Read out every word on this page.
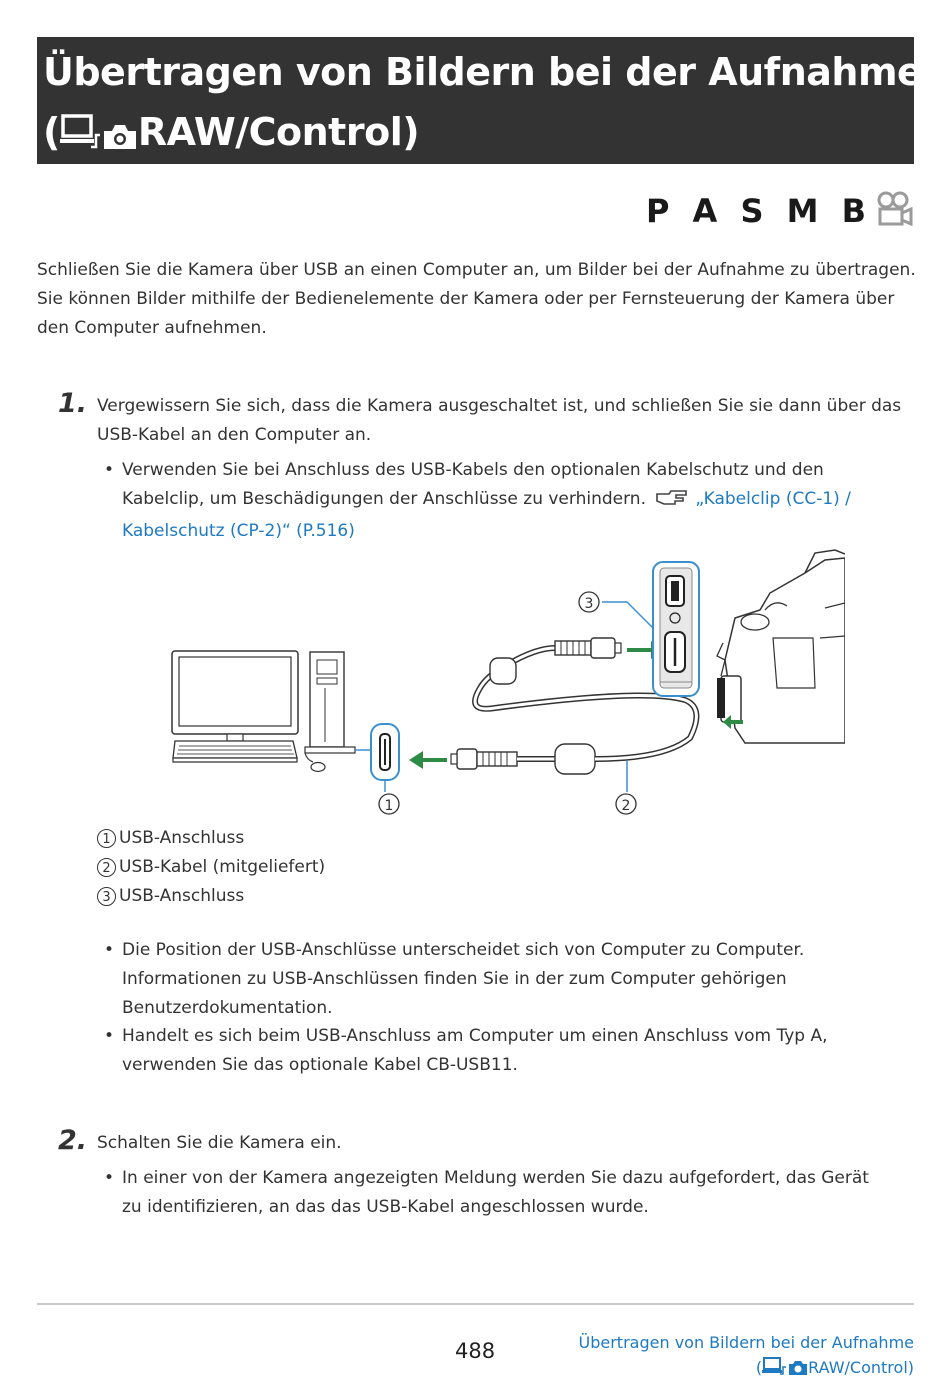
Übertragen von Bildern bei der Aufnahme
( RAW/Control)
P A S M B
Schließen Sie die Kamera über USB an einen Computer an, um Bilder bei der Aufnahme zu übertragen. Sie können Bilder mithilfe der Bedienelemente der Kamera oder per Fernsteuerung der Kamera über den Computer aufnehmen.
1. Vergewissern Sie sich, dass die Kamera ausgeschaltet ist, und schließen Sie sie dann über das USB-Kabel an den Computer an.
• Verwenden Sie bei Anschluss des USB-Kabels den optionalen Kabelschutz und den Kabelclip, um Beschädigungen der Anschlüsse zu verhindern.	„Kabelclip (CC-1) / Kabelschutz (CP-2)“ (P.516)
1	2
3
1 USB-Anschluss
2 USB-Kabel (mitgeliefert)
3 USB-Anschluss
• Die Position der USB-Anschlüsse unterscheidet sich von Computer zu Computer. Informationen zu USB-Anschlüssen finden Sie in der zum Computer gehörigen Benutzerdokumentation.
• Handelt es sich beim USB-Anschluss am Computer um einen Anschluss vom Typ A, verwenden Sie das optionale Kabel CB-USB11.
2. Schalten Sie die Kamera ein.
• In einer von der Kamera angezeigten Meldung werden Sie dazu aufgefordert, das Gerät zu identifizieren, an das das USB-Kabel angeschlossen wurde.
488	Übertragen von Bildern bei der Aufnahme
(	RAW/Control)
